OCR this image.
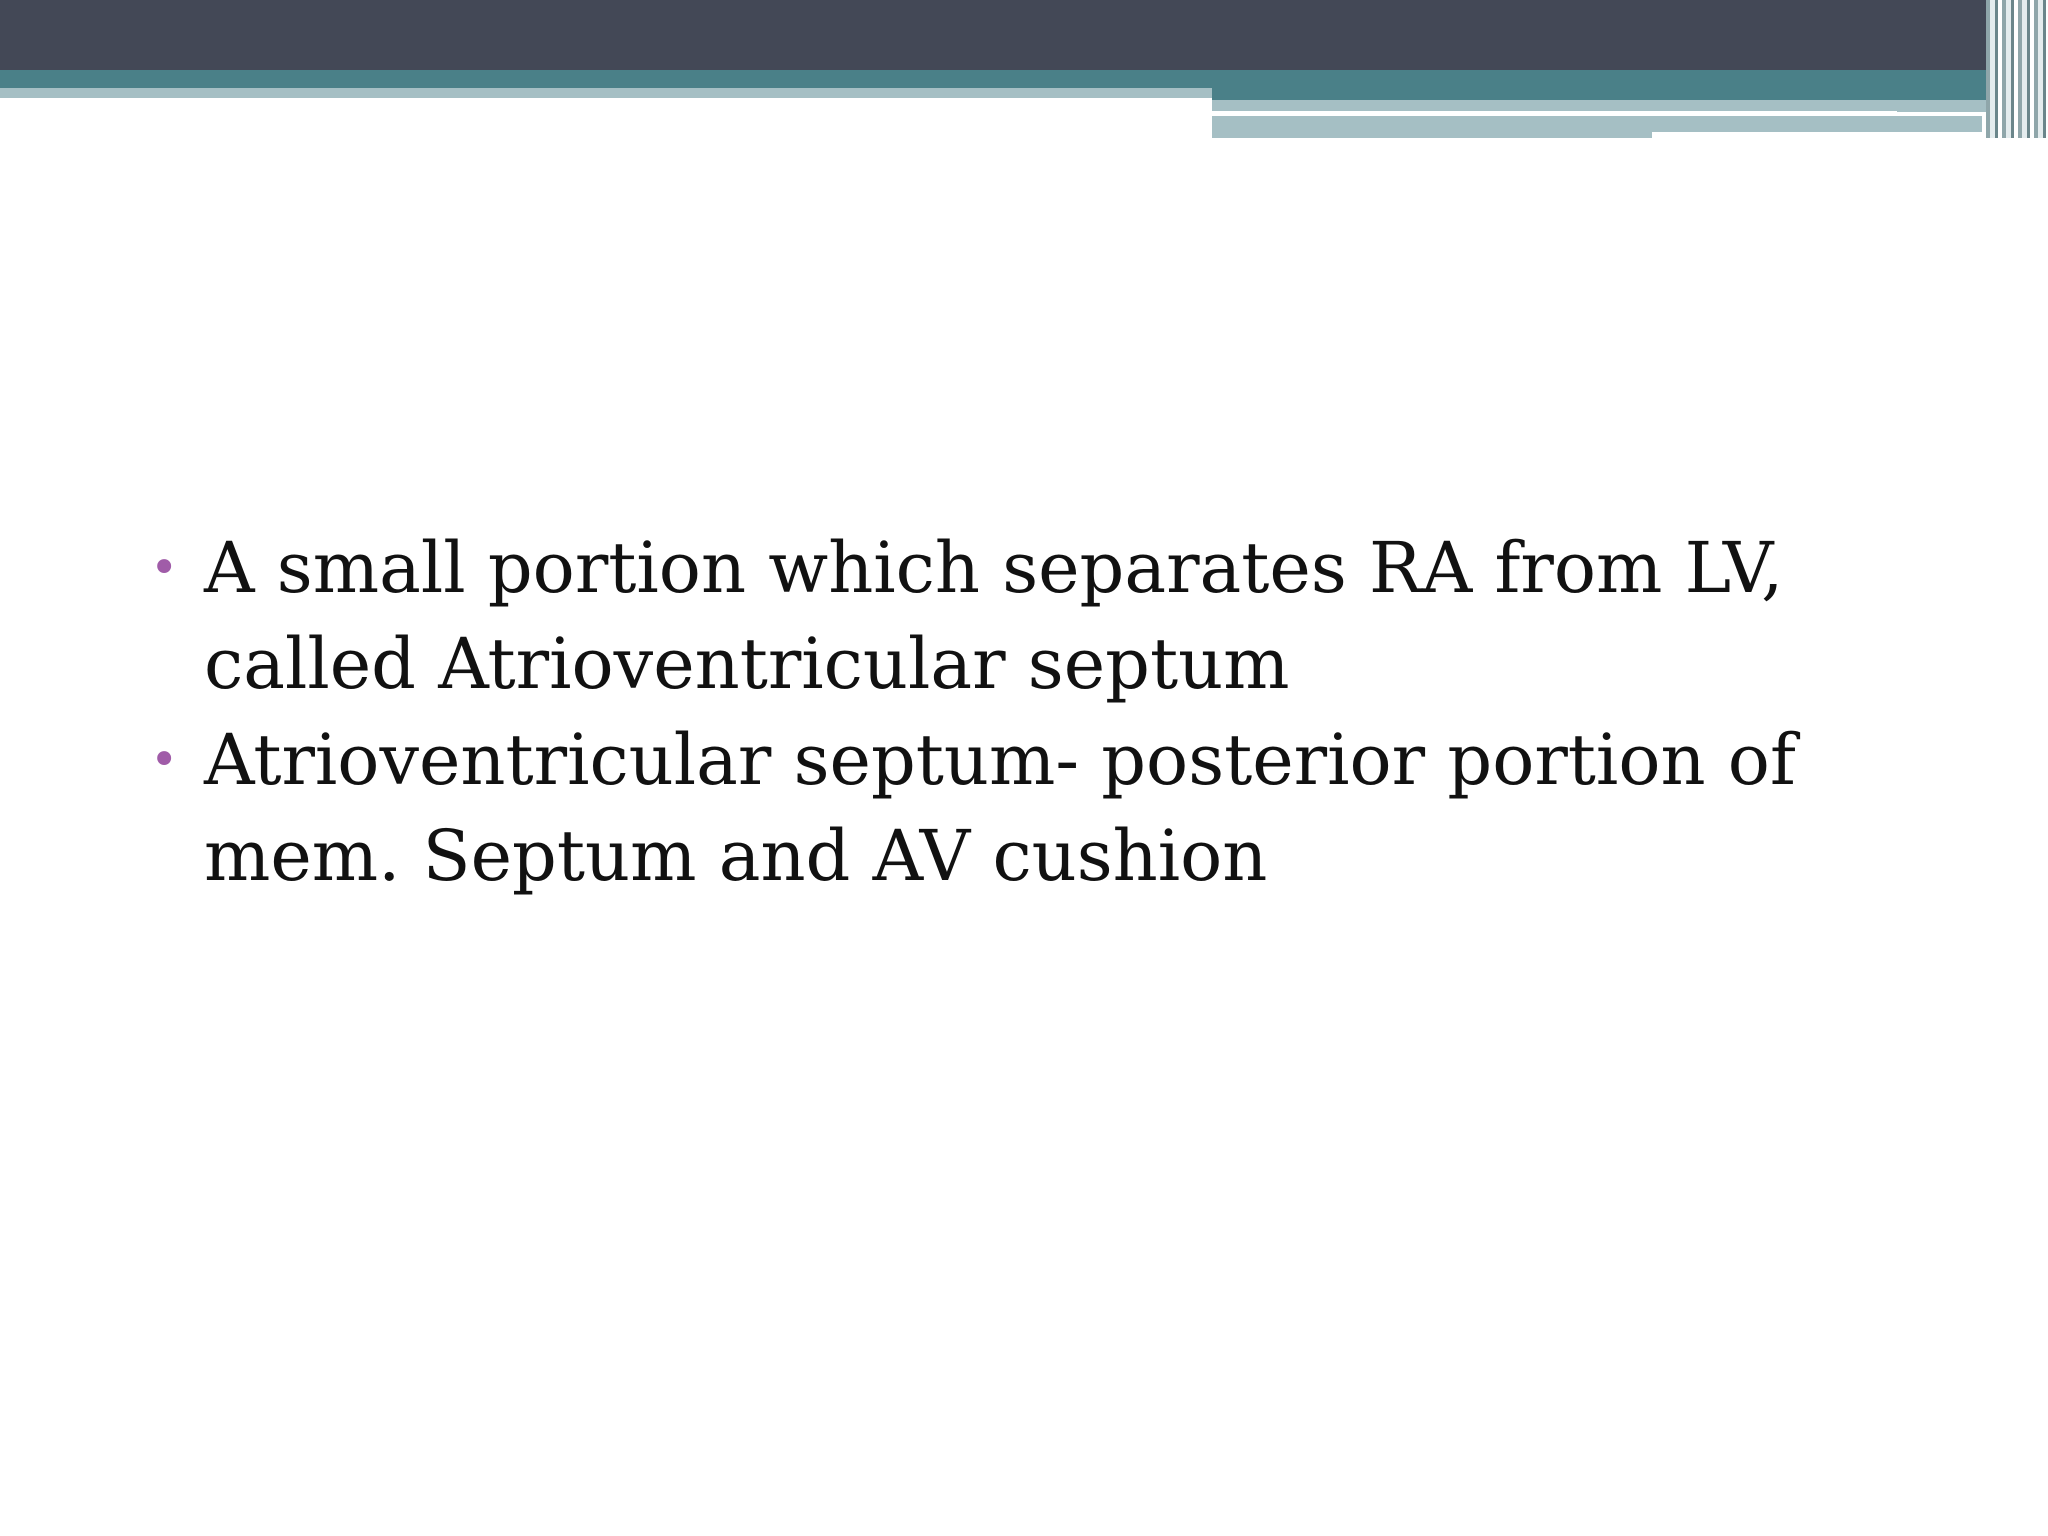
• A small portion which separates RA from LV, called Atrioventricular septum
• Atrioventricular septum- posterior portion of mem. Septum and AV cushion
